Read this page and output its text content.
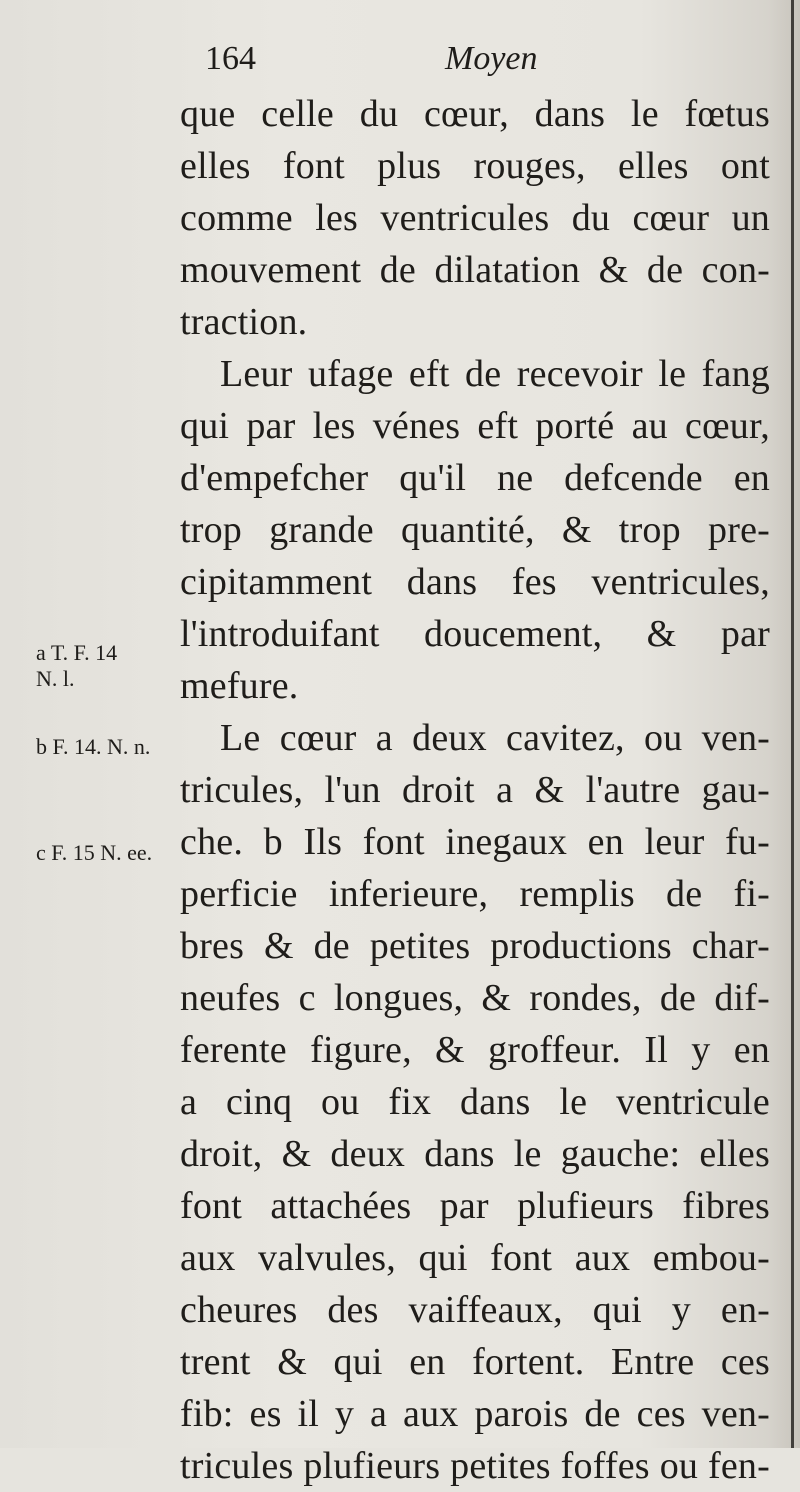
164	Moyen
a T. F. 14
N. l.
b F. 14. N. n.
c F. 15 N. ee.
que celle du cœur, dans le fœtus
elles font plus rouges, elles ont
comme les ventricules du cœur un
mouvement de dilatation & de con-
traction.
Leur ufage eft de recevoir le fang
qui par les vénes eft porté au cœur,
d'empefcher qu'il ne defcende en
trop grande quantité, & trop pre-
cipitamment dans fes ventricules,
l'introduifant doucement, & par
mefure.
Le cœur a deux cavitez, ou ven-
tricules, l'un droit a & l'autre gau-
che. b Ils font inegaux en leur fu-
perficie inferieure, remplis de fi-
bres & de petites productions char-
neufes c longues, & rondes, de dif-
ferente figure, & groffeur. Il y en
a cinq ou fix dans le ventricule
droit, & deux dans le gauche: elles
font attachées par plufieurs fibres
aux valvules, qui font aux embou-
cheures des vaiffeaux, qui y en-
trent & qui en fortent. Entre ces
fib: es il y a aux parois de ces ven-
tricules plufieurs petites foffes ou fen-
